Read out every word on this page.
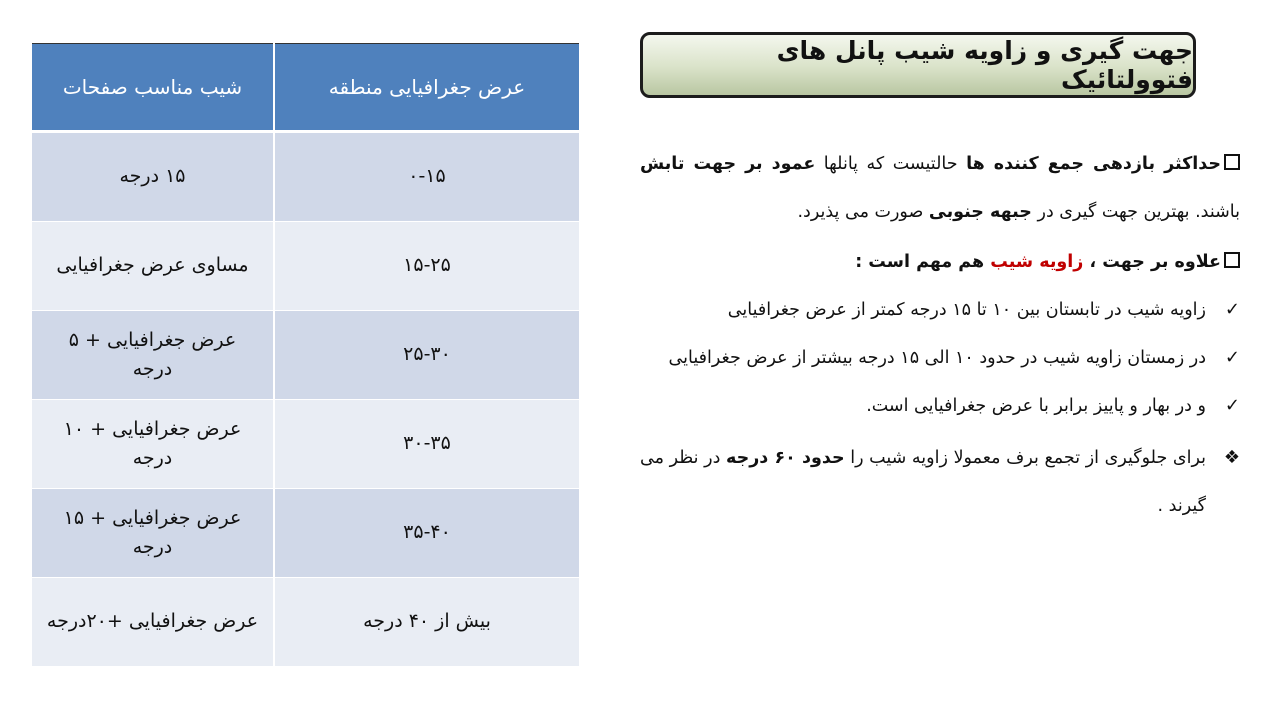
جهت گیری و زاویه شیب پانل های فتوولتائیک
عرض جغرافیایی منطقه	شیب مناسب صفحات
۰-۱۵	۱۵ درجه
۱۵-۲۵	مساوی عرض جغرافیایی
۲۵-۳۰	عرض جغرافیایی + ۵ درجه
۳۰-۳۵	عرض جغرافیایی + ۱۰ درجه
۳۵-۴۰	عرض جغرافیایی + ۱۵ درجه
بیش از ۴۰ درجه	عرض جغرافیایی +۲۰درجه

حداکثر بازدهی جمع کننده ها حالتیست که پانلها عمود بر جهت تابش باشند. بهترین جهت گیری در جبهه جنوبی صورت می پذیرد.

علاوه بر جهت ، زاویه شیب هم مهم است :

✓
زاویه شیب در تابستان بین ۱۰ تا ۱۵ درجه کمتر از عرض جغرافیایی
✓
در زمستان زاویه شیب در حدود ۱۰ الی ۱۵ درجه بیشتر از عرض جغرافیایی
✓
و در بهار و پاییز برابر با عرض جغرافیایی است.
❖
برای جلوگیری از تجمع برف معمولا زاویه شیب را حدود ۶۰ درجه در نظر می گیرند .
